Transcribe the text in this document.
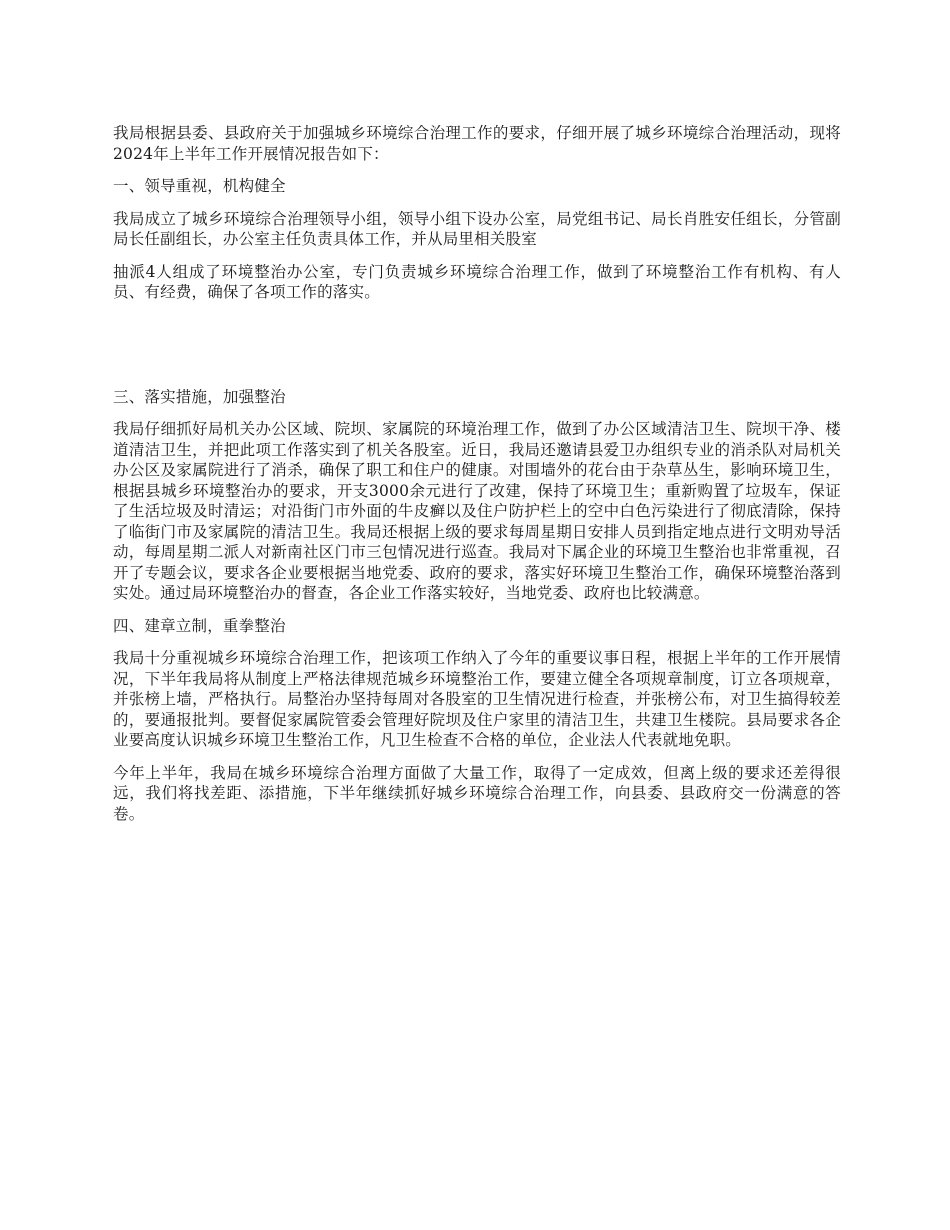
我局根据县委、县政府关于加强城乡环境综合治理工作的要求，仔细开展了城乡环境综合治理活动，现将2024年上半年工作开展情况报告如下：

一、领导重视，机构健全

我局成立了城乡环境综合治理领导小组，领导小组下设办公室，局党组书记、局长肖胜安任组长，分管副局长任副组长，办公室主任负责具体工作，并从局里相关股室

抽派4人组成了环境整治办公室，专门负责城乡环境综合治理工作，做到了环境整治工作有机构、有人员、有经费，确保了各项工作的落实。

三、落实措施，加强整治

我局仔细抓好局机关办公区域、院坝、家属院的环境治理工作，做到了办公区域清洁卫生、院坝干净、楼道清洁卫生，并把此项工作落实到了机关各股室。近日，我局还邀请县爱卫办组织专业的消杀队对局机关办公区及家属院进行了消杀，确保了职工和住户的健康。对围墙外的花台由于杂草丛生，影响环境卫生，根据县城乡环境整治办的要求，开支3000余元进行了改建，保持了环境卫生；重新购置了垃圾车，保证了生活垃圾及时清运；对沿街门市外面的牛皮癣以及住户防护栏上的空中白色污染进行了彻底清除，保持了临街门市及家属院的清洁卫生。我局还根据上级的要求每周星期日安排人员到指定地点进行文明劝导活动，每周星期二派人对新南社区门市三包情况进行巡查。我局对下属企业的环境卫生整治也非常重视，召开了专题会议，要求各企业要根据当地党委、政府的要求，落实好环境卫生整治工作，确保环境整治落到实处。通过局环境整治办的督查，各企业工作落实较好，当地党委、政府也比较满意。

四、建章立制，重拳整治

我局十分重视城乡环境综合治理工作，把该项工作纳入了今年的重要议事日程，根据上半年的工作开展情况，下半年我局将从制度上严格法律规范城乡环境整治工作，要建立健全各项规章制度，订立各项规章，并张榜上墙，严格执行。局整治办坚持每周对各股室的卫生情况进行检查，并张榜公布，对卫生搞得较差的，要通报批判。要督促家属院管委会管理好院坝及住户家里的清洁卫生，共建卫生楼院。县局要求各企业要高度认识城乡环境卫生整治工作，凡卫生检查不合格的单位，企业法人代表就地免职。

今年上半年，我局在城乡环境综合治理方面做了大量工作，取得了一定成效，但离上级的要求还差得很远，我们将找差距、添措施，下半年继续抓好城乡环境综合治理工作，向县委、县政府交一份满意的答卷。
